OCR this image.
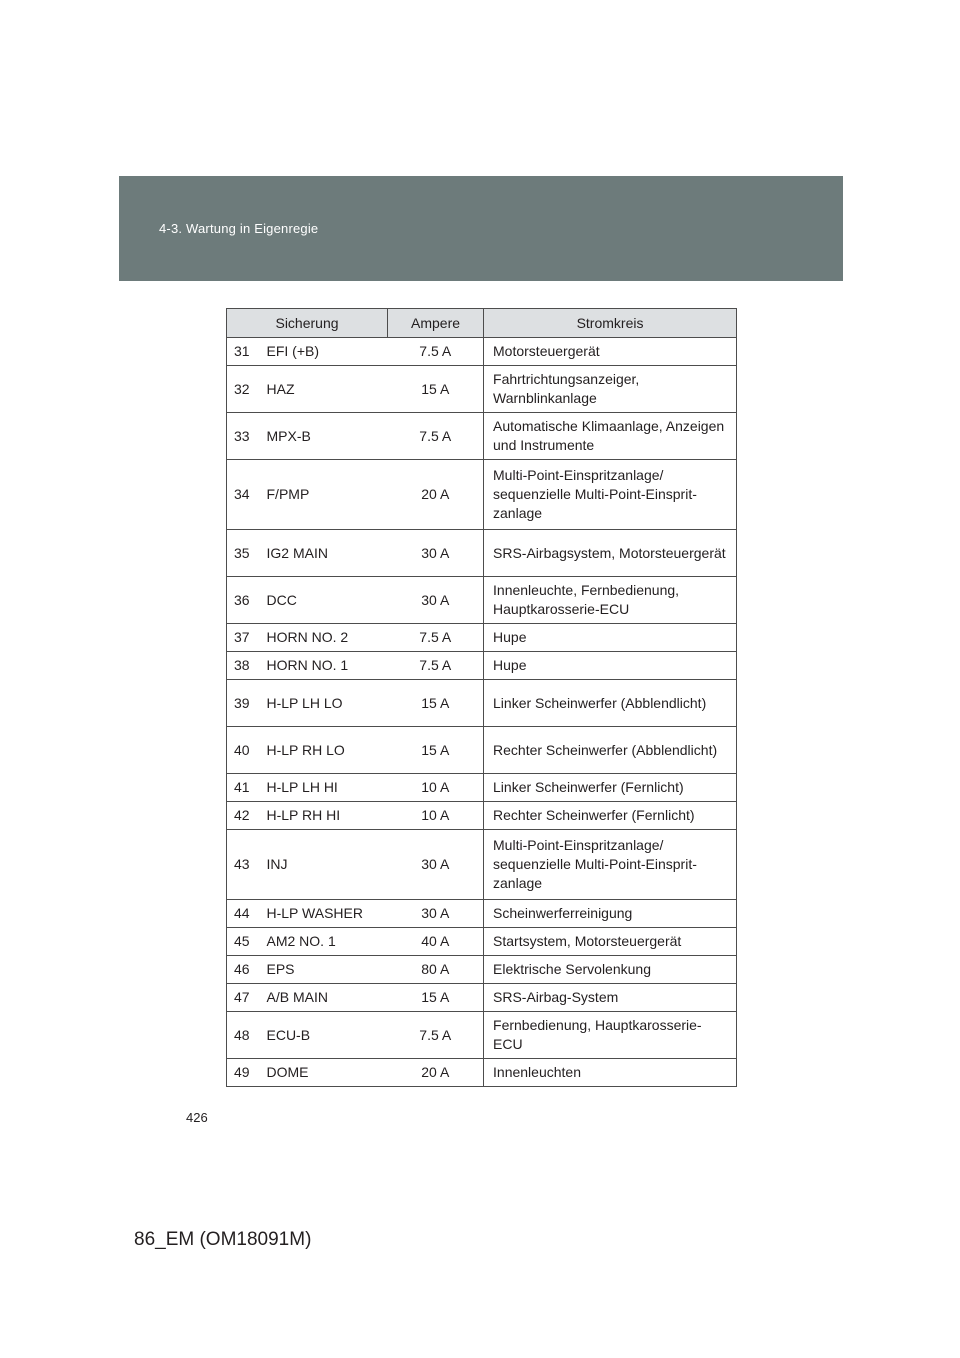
4-3. Wartung in Eigenregie
Sicherung		Ampere	Stromkreis
31	EFI (+B)	7.5 A	Motorsteuergerät
32	HAZ	15 A	Fahrtrichtungsanzeiger, Warnblinkanlage
33	MPX-B	7.5 A	Automatische Klimaanlage, Anzeigen und Instrumente
34	F/PMP	20 A	Multi-Point-Einspritzanlage/ sequenzielle Multi-Point-Einsprit-zanlage
35	IG2 MAIN	30 A	SRS-Airbagsystem, Motorsteuergerät
36	DCC	30 A	Innenleuchte, Fernbedienung, Hauptkarosserie-ECU
37	HORN NO. 2	7.5 A	Hupe
38	HORN NO. 1	7.5 A	Hupe
39	H-LP LH LO	15 A	Linker Scheinwerfer (Abblendlicht)
40	H-LP RH LO	15 A	Rechter Scheinwerfer (Abblendlicht)
41	H-LP LH HI	10 A	Linker Scheinwerfer (Fernlicht)
42	H-LP RH HI	10 A	Rechter Scheinwerfer (Fernlicht)
43	INJ	30 A	Multi-Point-Einspritzanlage/ sequenzielle Multi-Point-Einsprit-zanlage
44	H-LP WASHER	30 A	Scheinwerferreinigung
45	AM2 NO. 1	40 A	Startsystem, Motorsteuergerät
46	EPS	80 A	Elektrische Servolenkung
47	A/B MAIN	15 A	SRS-Airbag-System
48	ECU-B	7.5 A	Fernbedienung, Hauptkarosserie-ECU
49	DOME	20 A	Innenleuchten
426
86_EM (OM18091M)
